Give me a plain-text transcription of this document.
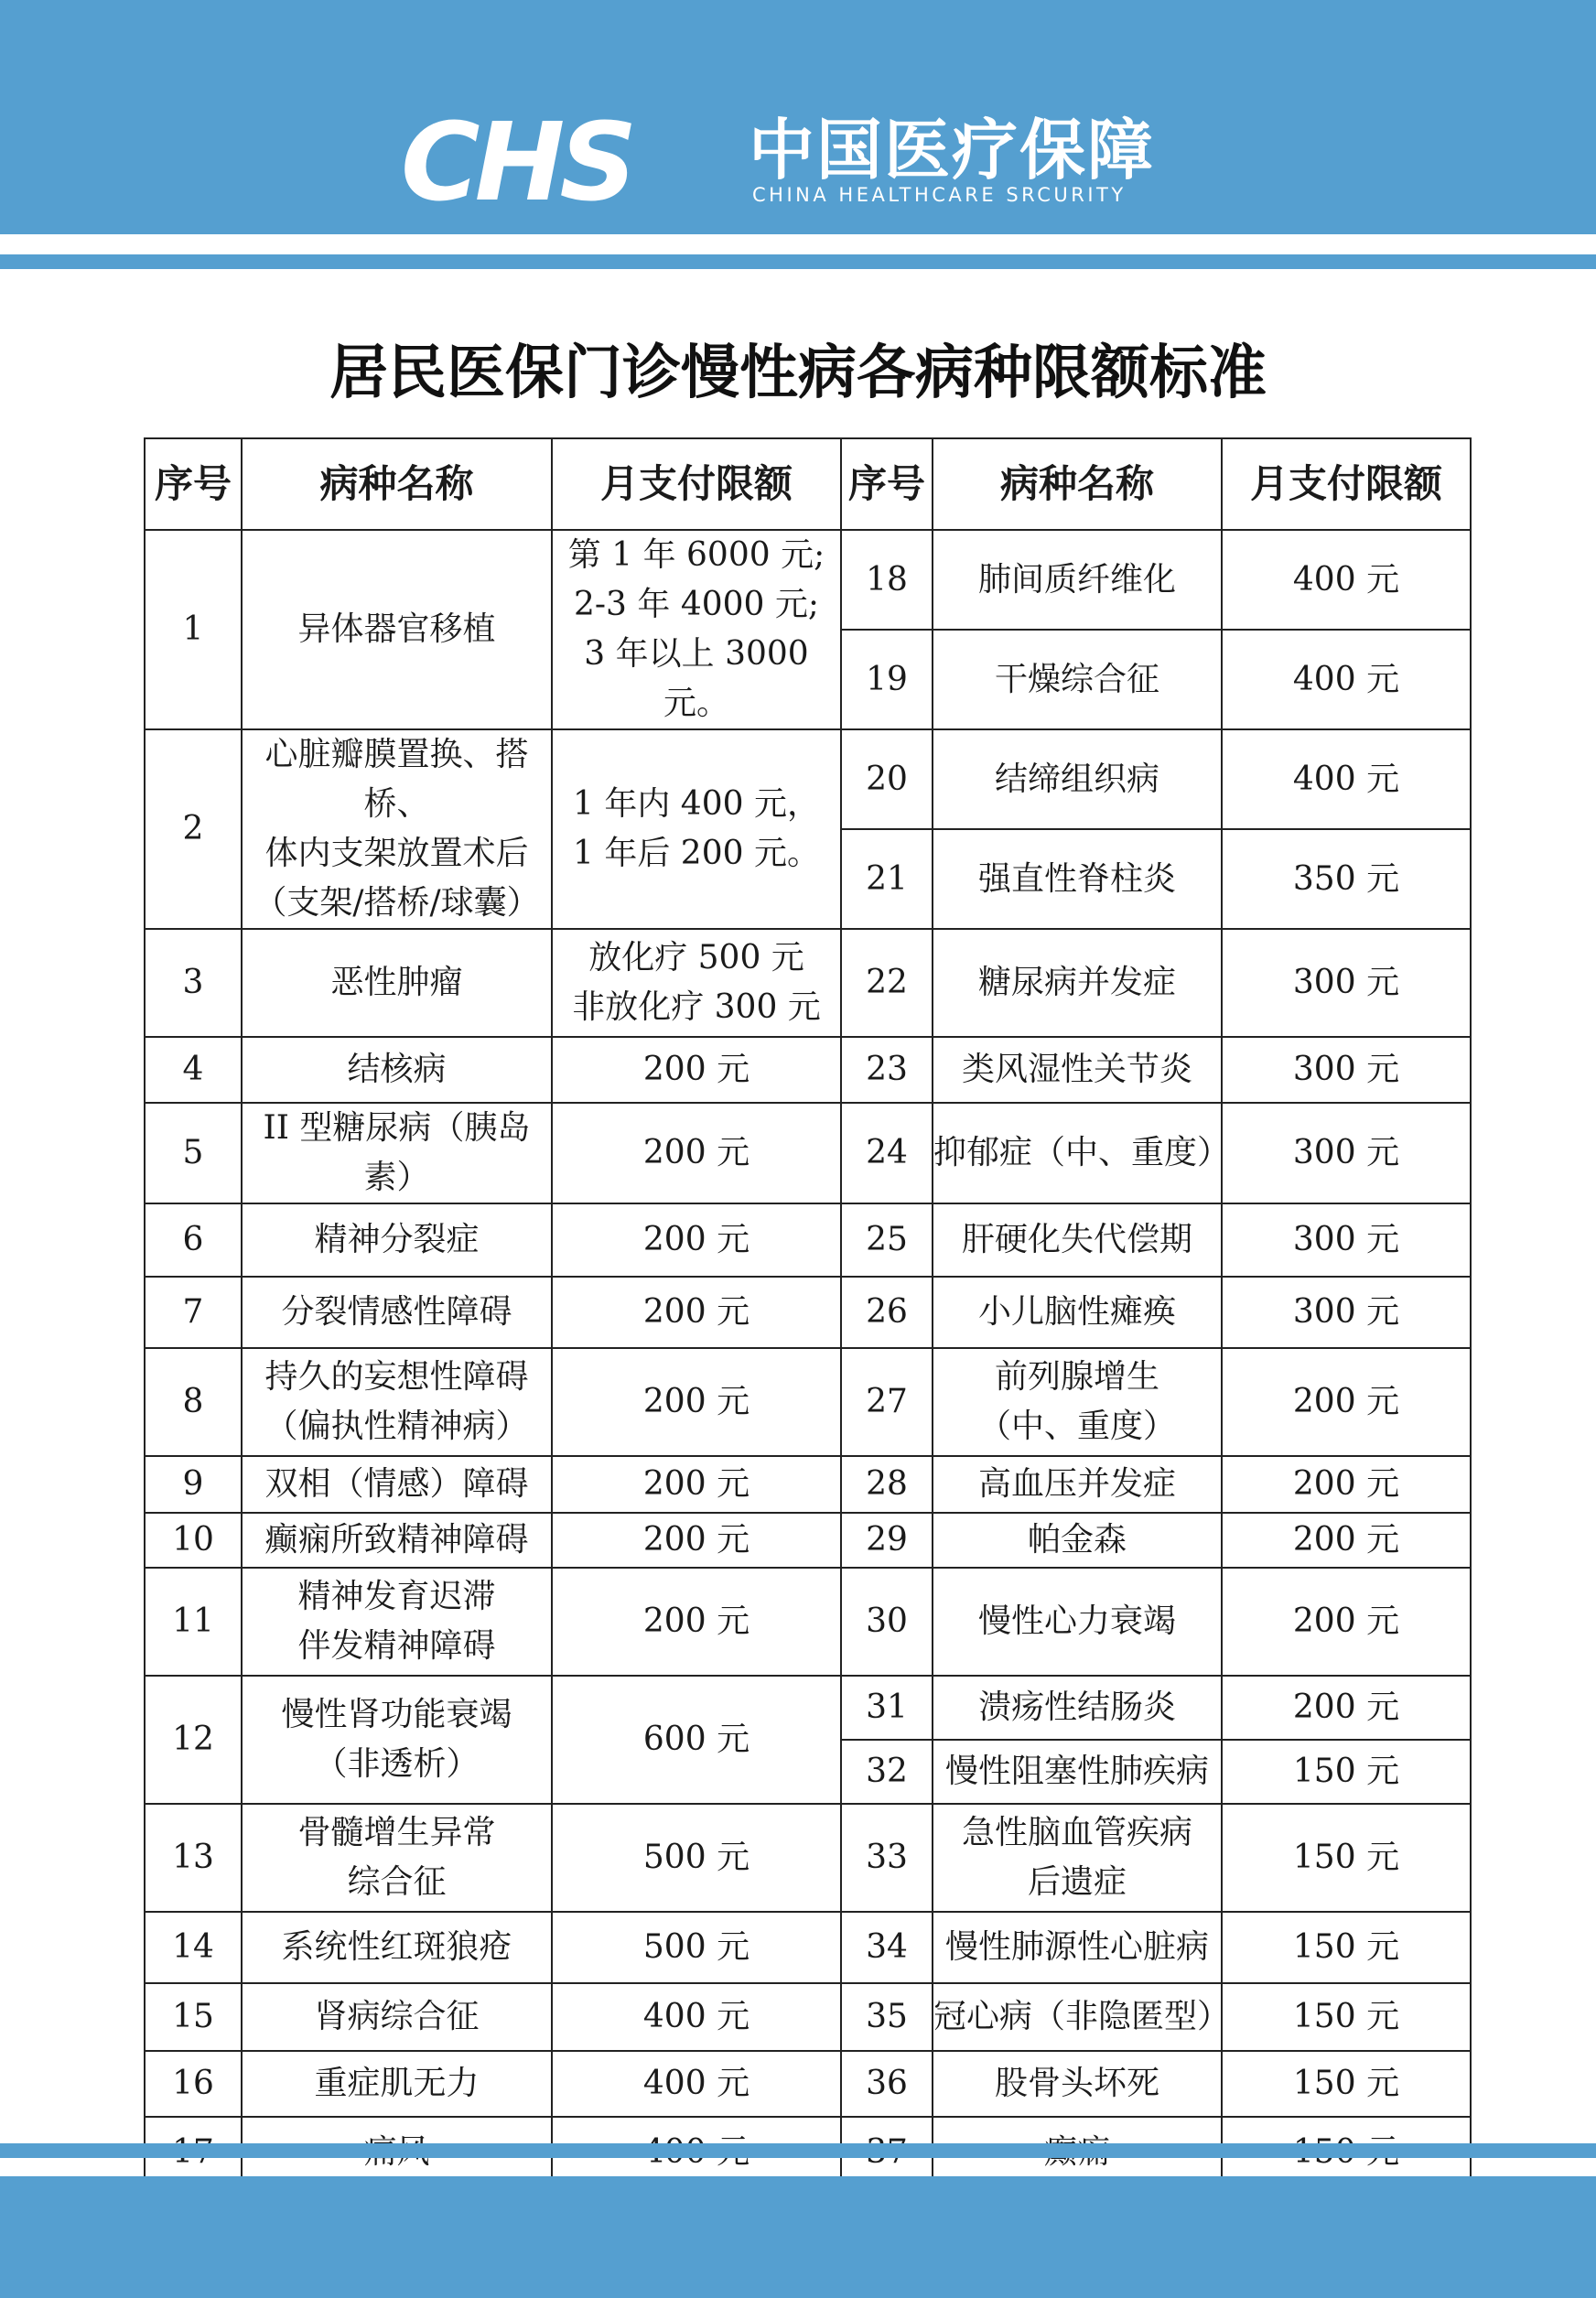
CHS 中国医疗保障
CHINA HEALTHCARE SRCURITY
居民医保门诊慢性病各病种限额标准
序号	病种名称	月支付限额	序号	病种名称	月支付限额
1	异体器官移植	第 1 年 6000 元;
2-3 年 4000 元;
3 年以上 3000 元。	18	肺间质纤维化	400 元
			19	干燥综合征	400 元
2	心脏瓣膜置换、搭桥、
体内支架放置术后
（支架/搭桥/球囊）	1 年内 400 元，
1 年后 200 元。	20	结缔组织病	400 元
			21	强直性脊柱炎	350 元
3	恶性肿瘤	放化疗 500 元
非放化疗 300 元	22	糖尿病并发症	300 元
4	结核病	200 元	23	类风湿性关节炎	300 元
5	II 型糖尿病（胰岛素）	200 元	24	抑郁症（中、重度）	300 元
6	精神分裂症	200 元	25	肝硬化失代偿期	300 元
7	分裂情感性障碍	200 元	26	小儿脑性瘫痪	300 元
8	持久的妄想性障碍
（偏执性精神病）	200 元	27	前列腺增生
（中、重度）	200 元
9	双相（情感）障碍	200 元	28	高血压并发症	200 元
10	癫痫所致精神障碍	200 元	29	帕金森	200 元
11	精神发育迟滞
伴发精神障碍	200 元	30	慢性心力衰竭	200 元
12	慢性肾功能衰竭
（非透析）	600 元	31	溃疡性结肠炎	200 元
			32	慢性阻塞性肺疾病	150 元
13	骨髓增生异常
综合征	500 元	33	急性脑血管疾病
后遗症	150 元
14	系统性红斑狼疮	500 元	34	慢性肺源性心脏病	150 元
15	肾病综合征	400 元	35	冠心病（非隐匿型）	150 元
16	重症肌无力	400 元	36	股骨头坏死	150 元
